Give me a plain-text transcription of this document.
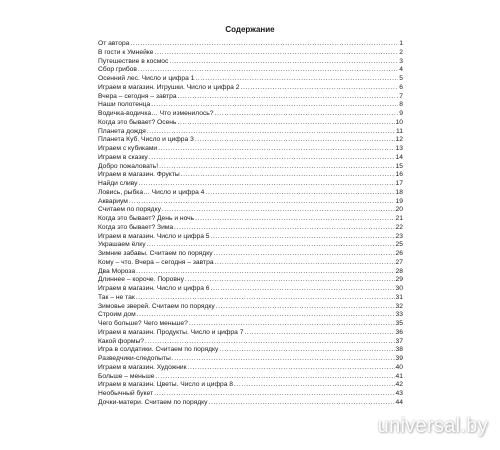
Содержание
От автора .....	1
В гости к Умнейке .....	2
Путешествие в космос .....	3
Сбор грибов .....	4
Осенний лес. Число и цифра 1 .....	5
Играем в магазин. Игрушки. Число и цифра 2 .....	6
Вчера – сегодня – завтра .....	7
Наши полотенца .....	8
Водичка-водичка… Что изменилось? .....	9
Когда это бывает? Осень .....	10
Планета дождя .....	11
Планета Куб. Число и цифра 3 .....	12
Играем с кубиками .....	13
Играем в сказку .....	14
Добро пожаловать! .....	15
Играем в магазин. Фрукты .....	16
Найди сливу .....	17
Ловись, рыбка… Число и цифра 4 .....	18
Аквариум .....	19
Считаем по порядку .....	20
Когда это бывает? День и ночь .....	21
Когда это бывает? Зима .....	22
Играем в магазин. Число и цифра 5 .....	23
Украшаем ёлку .....	25
Зимние забавы. Считаем по порядку .....	26
Кому – что. Вчера – сегодня – завтра .....	27
Два Мороза .....	28
Длиннее – короче. Поровну .....	29
Играем в магазин. Число и цифра 6 .....	30
Так – не так .....	31
Зимовье зверей. Считаем по порядку .....	32
Строим дом .....	33
Чего больше? Чего меньше? .....	35
Играем в магазин. Продукты. Число и цифра 7 .....	36
Какой формы? .....	37
Игра в солдатики. Считаем по порядку .....	38
Разведчики-следопыты .....	39
Играем в магазин. Художник .....	40
Больше – меньше .....	41
Играем в магазин. Цветы. Число и цифра 8 .....	42
Необычный букет .....	43
Дочки-матери. Считаем по порядку .....	44
universal.by
